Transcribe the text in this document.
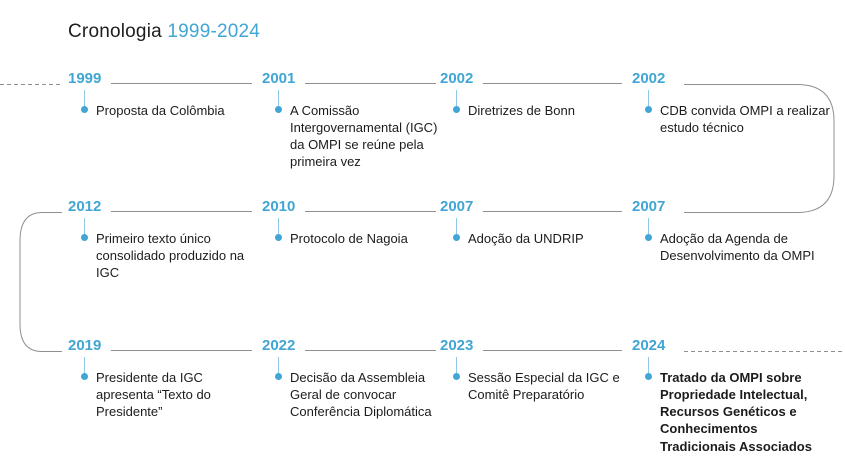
Cronologia 1999-2024
1999
Proposta da Colômbia
2001
A Comissão Intergovernamental (IGC) da OMPI se reúne pela primeira vez
2002
Diretrizes de Bonn
2002
CDB convida OMPI a realizar estudo técnico
2012
Primeiro texto único consolidado produzido na IGC
2010
Protocolo de Nagoia
2007
Adoção da UNDRIP
2007
Adoção da Agenda de Desenvolvimento da OMPI
2019
Presidente da IGC apresenta “Texto do Presidente”
2022
Decisão da Assembleia Geral de convocar Conferência Diplomática
2023
Sessão Especial da IGC e Comitê Preparatório
2024
Tratado da OMPI sobre Propriedade Intelectual, Recursos Genéticos e Conhecimentos Tradicionais Associados
